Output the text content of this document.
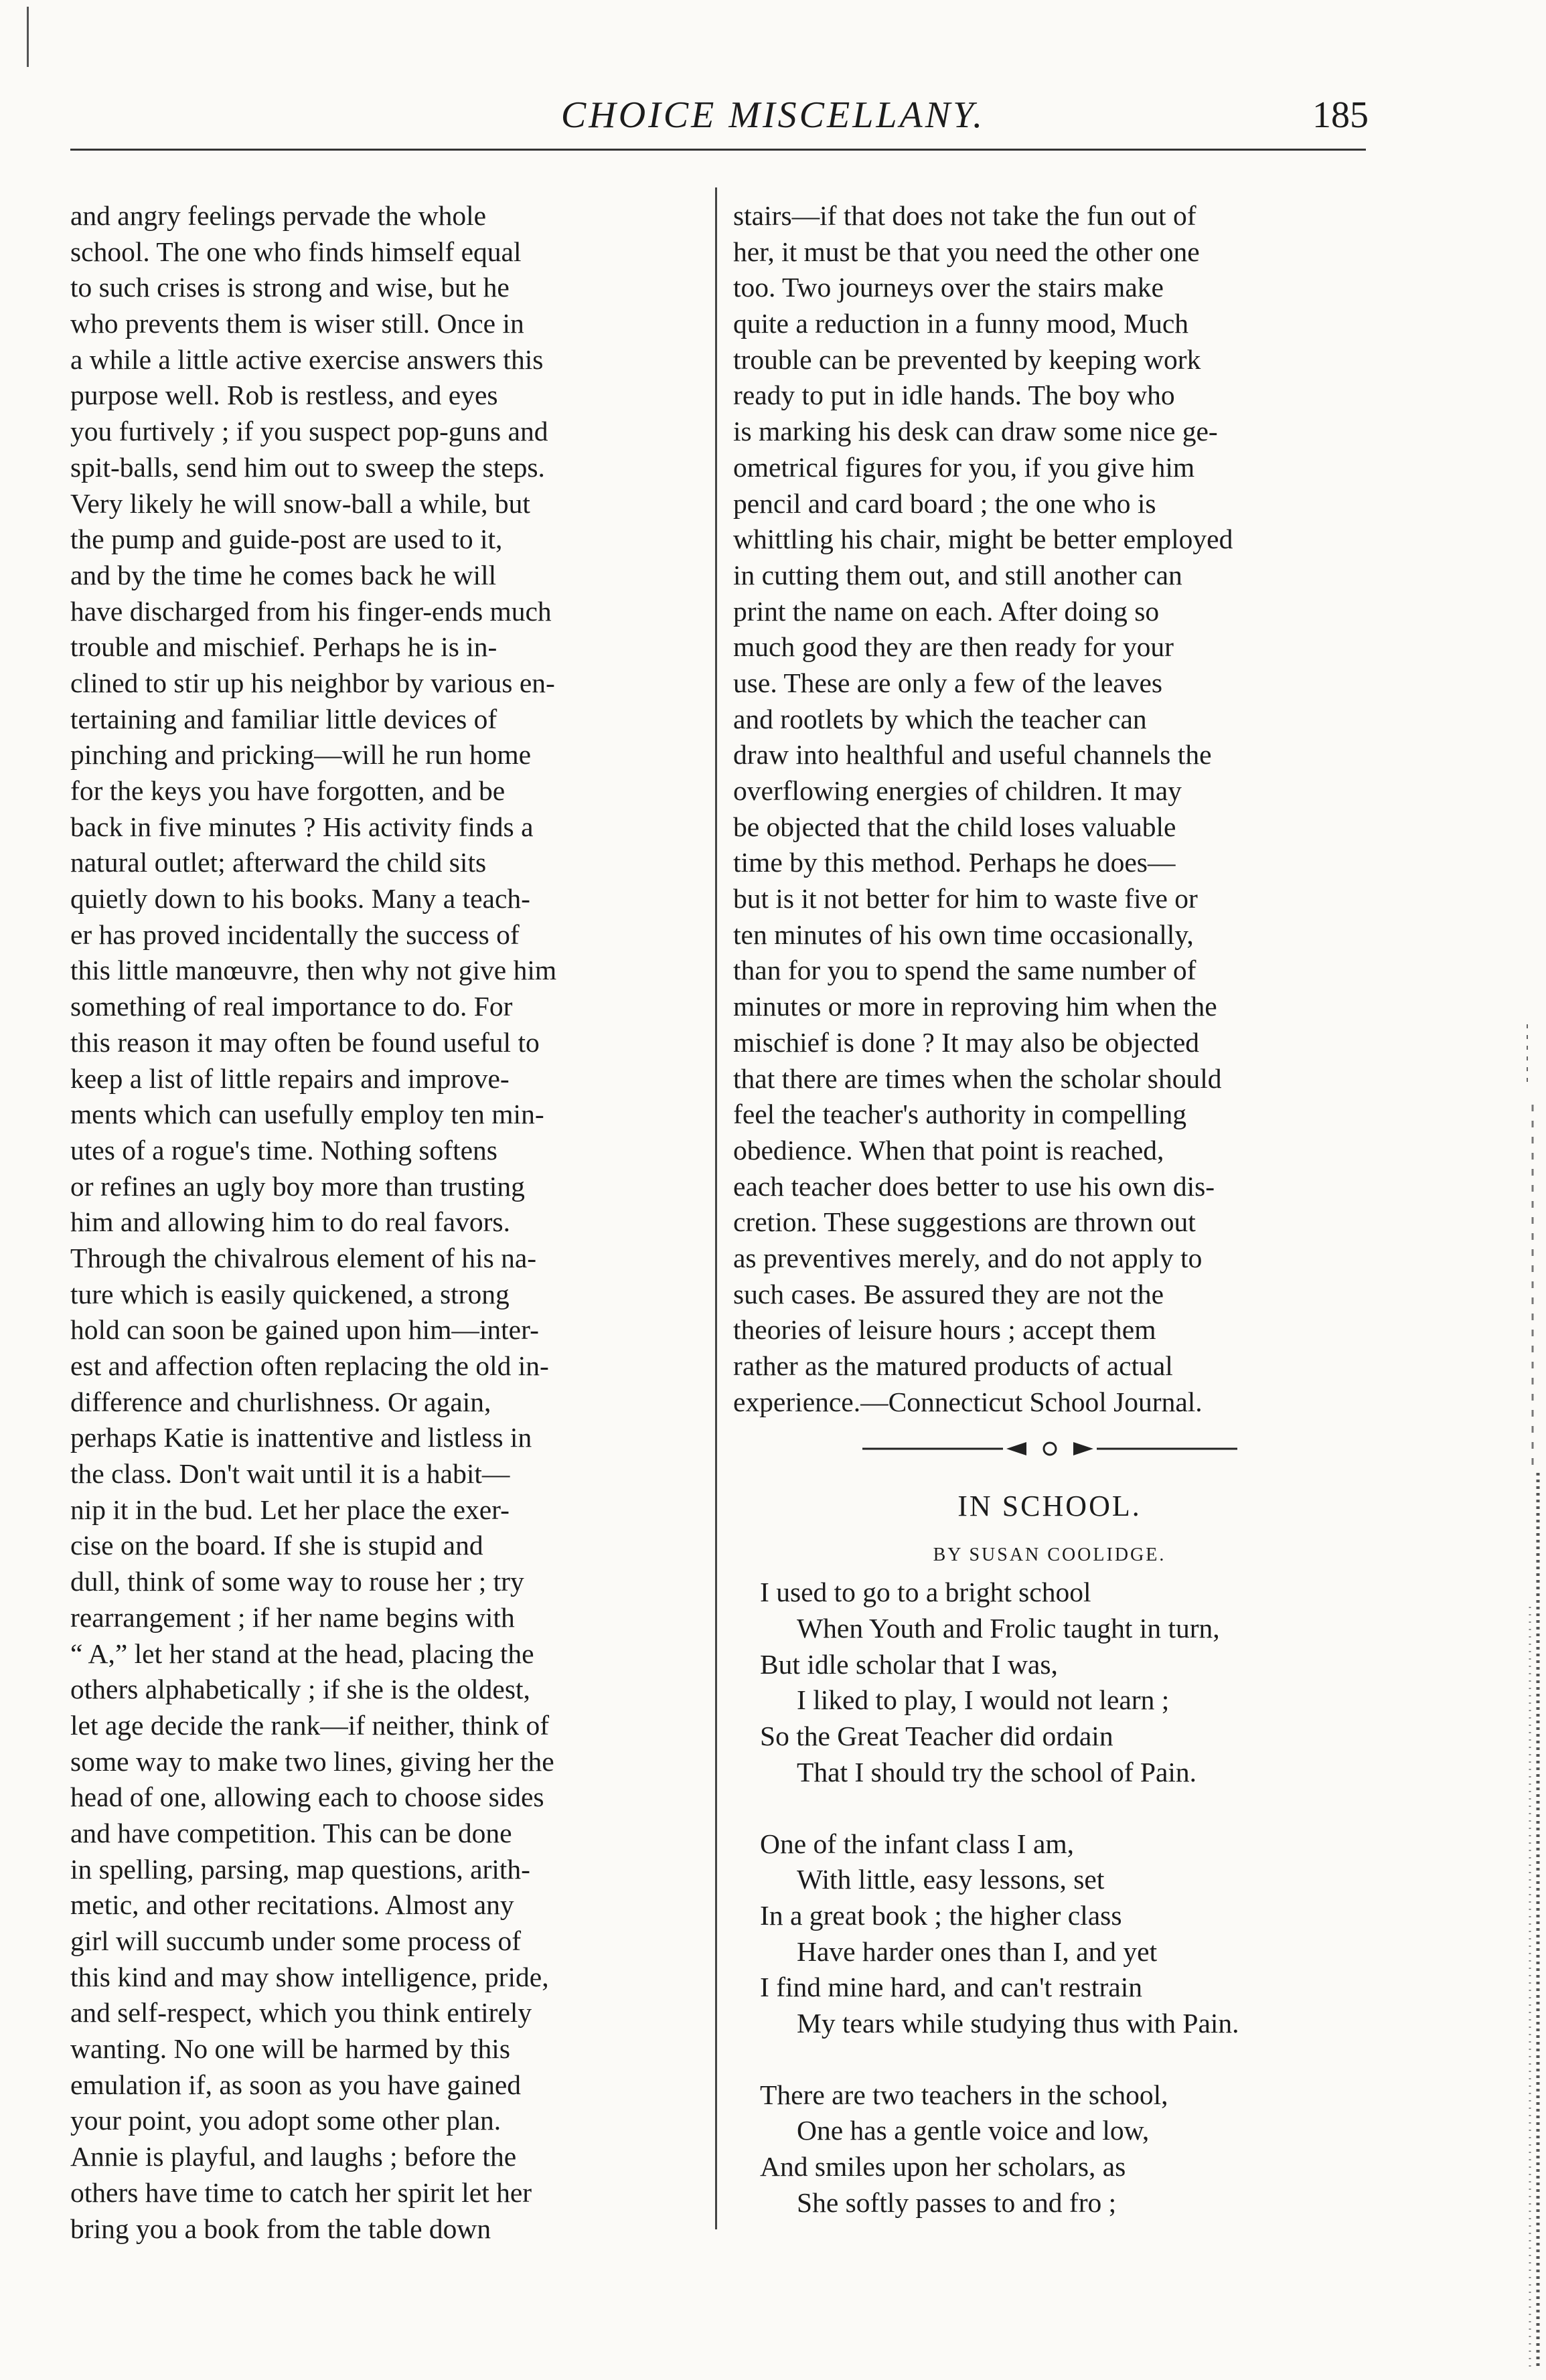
CHOICE MISCELLANY.	185
and angry feelings pervade the whole
school. The one who finds himself equal
to such crises is strong and wise, but he
who prevents them is wiser still. Once in
a while a little active exercise answers this
purpose well. Rob is restless, and eyes
you furtively ; if you suspect pop-guns and
spit-balls, send him out to sweep the steps.
Very likely he will snow-ball a while, but
the pump and guide-post are used to it,
and by the time he comes back he will
have discharged from his finger-ends much
trouble and mischief. Perhaps he is in-
clined to stir up his neighbor by various en-
tertaining and familiar little devices of
pinching and pricking—will he run home
for the keys you have forgotten, and be
back in five minutes ? His activity finds a
natural outlet; afterward the child sits
quietly down to his books. Many a teach-
er has proved incidentally the success of
this little manœuvre, then why not give him
something of real importance to do. For
this reason it may often be found useful to
keep a list of little repairs and improve-
ments which can usefully employ ten min-
utes of a rogue's time. Nothing softens
or refines an ugly boy more than trusting
him and allowing him to do real favors.
Through the chivalrous element of his na-
ture which is easily quickened, a strong
hold can soon be gained upon him—inter-
est and affection often replacing the old in-
difference and churlishness. Or again,
perhaps Katie is inattentive and listless in
the class. Don't wait until it is a habit—
nip it in the bud. Let her place the exer-
cise on the board. If she is stupid and
dull, think of some way to rouse her ; try
rearrangement ; if her name begins with
“ A,” let her stand at the head, placing the
others alphabetically ; if she is the oldest,
let age decide the rank—if neither, think of
some way to make two lines, giving her the
head of one, allowing each to choose sides
and have competition. This can be done
in spelling, parsing, map questions, arith-
metic, and other recitations. Almost any
girl will succumb under some process of
this kind and may show intelligence, pride,
and self-respect, which you think entirely
wanting. No one will be harmed by this
emulation if, as soon as you have gained
your point, you adopt some other plan.
Annie is playful, and laughs ; before the
others have time to catch her spirit let her
bring you a book from the table down
stairs—if that does not take the fun out of
her, it must be that you need the other one
too. Two journeys over the stairs make
quite a reduction in a funny mood, Much
trouble can be prevented by keeping work
ready to put in idle hands. The boy who
is marking his desk can draw some nice ge-
ometrical figures for you, if you give him
pencil and card board ; the one who is
whittling his chair, might be better employed
in cutting them out, and still another can
print the name on each. After doing so
much good they are then ready for your
use. These are only a few of the leaves
and rootlets by which the teacher can
draw into healthful and useful channels the
overflowing energies of children. It may
be objected that the child loses valuable
time by this method. Perhaps he does—
but is it not better for him to waste five or
ten minutes of his own time occasionally,
than for you to spend the same number of
minutes or more in reproving him when the
mischief is done ? It may also be objected
that there are times when the scholar should
feel the teacher's authority in compelling
obedience. When that point is reached,
each teacher does better to use his own dis-
cretion. These suggestions are thrown out
as preventives merely, and do not apply to
such cases. Be assured they are not the
theories of leisure hours ; accept them
rather as the matured products of actual
experience.—Connecticut School Journal.
IN SCHOOL.
BY SUSAN COOLIDGE.
I used to go to a bright school
When Youth and Frolic taught in turn,
But idle scholar that I was,
I liked to play, I would not learn ;
So the Great Teacher did ordain
That I should try the school of Pain.
One of the infant class I am,
With little, easy lessons, set
In a great book ; the higher class
Have harder ones than I, and yet
I find mine hard, and can't restrain
My tears while studying thus with Pain.
There are two teachers in the school,
One has a gentle voice and low,
And smiles upon her scholars, as
She softly passes to and fro ;
